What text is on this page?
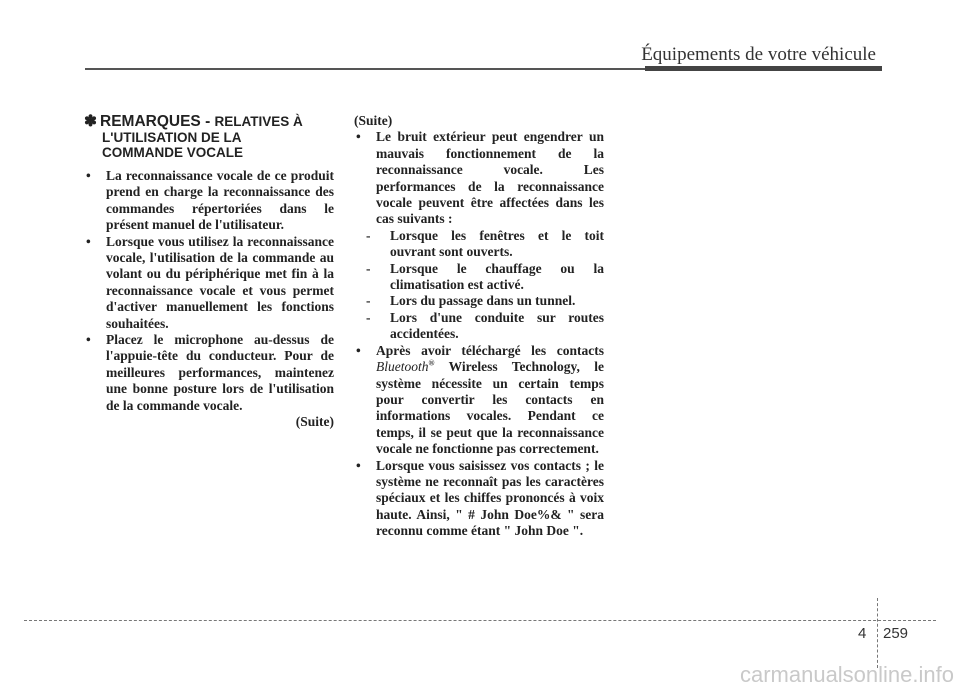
Équipements de votre véhicule
✽ REMARQUES - RELATIVES À
L'UTILISATION DE LA
COMMANDE VOCALE

• La reconnaissance vocale de ce produit prend en charge la reconnaissance des commandes répertoriées dans le présent manuel de l'utilisateur.

• Lorsque vous utilisez la reconnaissance vocale, l'utilisation de la commande au volant ou du périphérique met fin à la reconnaissance vocale et vous permet d'activer manuellement les fonctions souhaitées.

• Placez le microphone au-dessus de l'appuie-tête du conducteur. Pour de meilleures performances, maintenez une bonne posture lors de l'utilisation de la commande vocale.

(Suite)

(Suite)

• Le bruit extérieur peut engendrer un mauvais fonctionnement de la reconnaissance vocale. Les performances de la reconnaissance vocale peuvent être affectées dans les cas suivants :

- Lorsque les fenêtres et le toit ouvrant sont ouverts.

- Lorsque le chauffage ou la climatisation est activé.

- Lors du passage dans un tunnel.

- Lors d'une conduite sur routes accidentées.

• Après avoir téléchargé les contacts Bluetooth® Wireless Technology, le système nécessite un certain temps pour convertir les contacts en informations vocales. Pendant ce temps, il se peut que la reconnaissance vocale ne fonctionne pas correctement.

• Lorsque vous saisissez vos contacts ; le système ne reconnaît pas les caractères spéciaux et les chiffes prononcés à voix haute. Ainsi, " # John Doe%& " sera reconnu comme étant " John Doe ".

4 259
carmanualsonline.info
